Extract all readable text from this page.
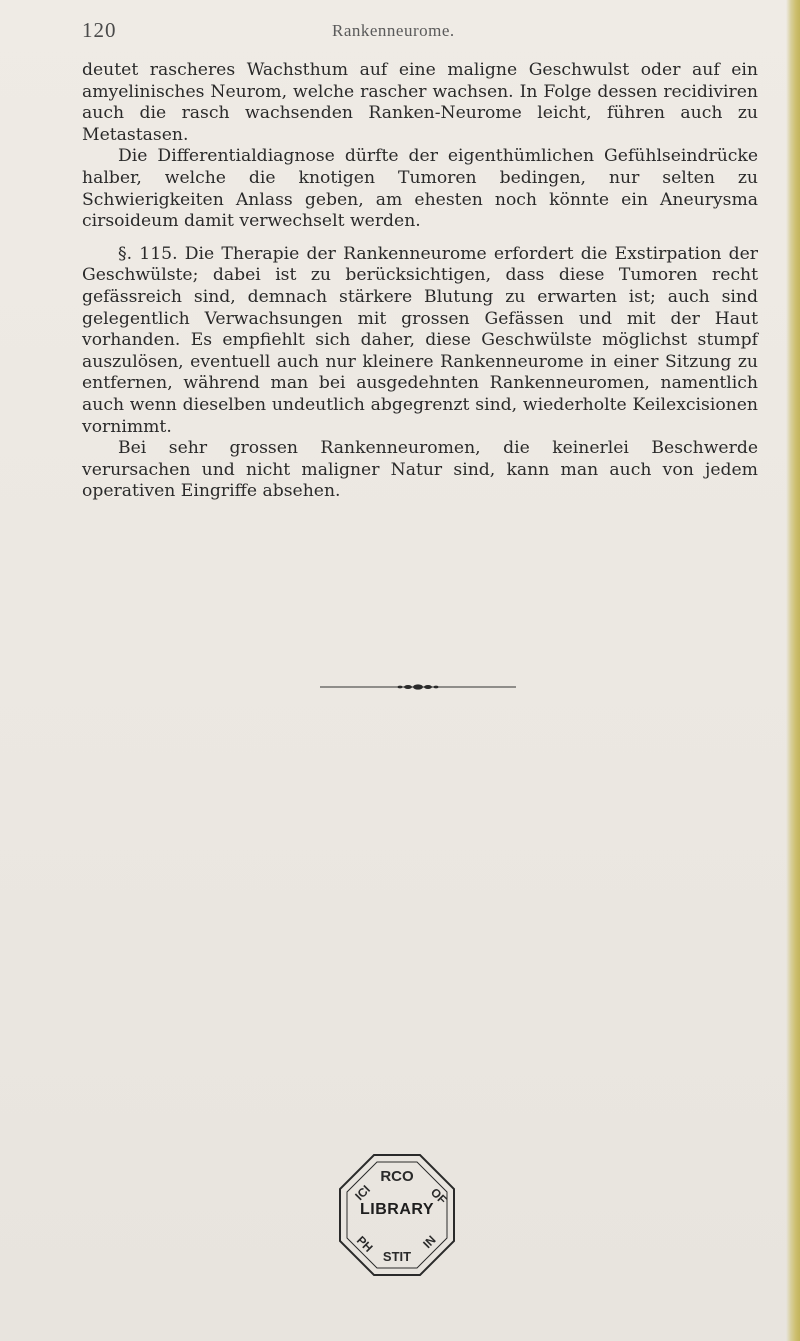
120	Rankenneurome.

deutet rascheres Wachsthum auf eine maligne Geschwulst oder auf ein amyelinisches Neurom, welche rascher wachsen. In Folge dessen recidiviren auch die rasch wachsenden Ranken-Neurome leicht, führen auch zu Metastasen.

Die Differentialdiagnose dürfte der eigenthümlichen Gefühlseindrücke halber, welche die knotigen Tumoren bedingen, nur selten zu Schwierigkeiten Anlass geben, am ehesten noch könnte ein Aneurysma cirsoideum damit verwechselt werden.

§. 115. Die Therapie der Rankenneurome erfordert die Exstirpation der Geschwülste; dabei ist zu berücksichtigen, dass diese Tumoren recht gefässreich sind, demnach stärkere Blutung zu erwarten ist; auch sind gelegentlich Verwachsungen mit grossen Gefässen und mit der Haut vorhanden. Es empfiehlt sich daher, diese Geschwülste möglichst stumpf auszulösen, eventuell auch nur kleinere Rankenneurome in einer Sitzung zu entfernen, während man bei ausgedehnten Rankenneuromen, namentlich auch wenn dieselben undeutlich abgegrenzt sind, wiederholte Keilexcisionen vornimmt.

Bei sehr grossen Rankenneuromen, die keinerlei Beschwerde verursachen und nicht maligner Natur sind, kann man auch von jedem operativen Eingriffe absehen.

RCO
STIT
ICI	OF
PH	IN
LIBRARY
